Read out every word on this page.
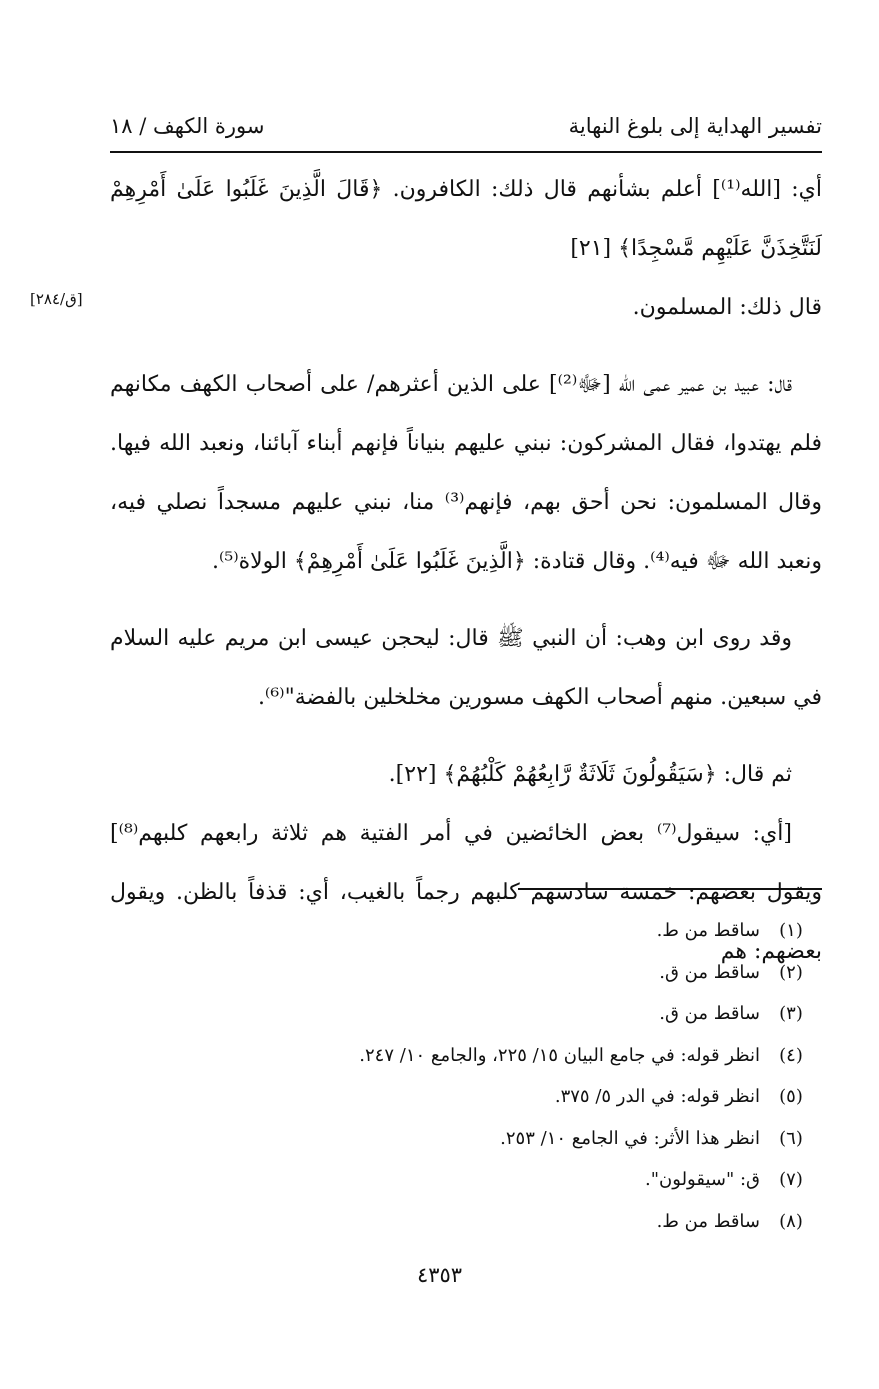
تفسير الهداية إلى بلوغ النهاية
سورة الكهف / ١٨
[ق/٢٨٤]

أي: [الله⁽¹⁾] أعلم بشأنهم قال ذلك: الكافرون. ﴿قَالَ الَّذِينَ غَلَبُوا عَلَىٰ أَمْرِهِمْ لَنَتَّخِذَنَّ عَلَيْهِم مَّسْجِدًا﴾ [٢١]

قال ذلك: المسلمون.

قال: عبيد بن عمير عمى الله [ﷻ⁽²⁾] على الذين أعثرهم/ على أصحاب الكهف مكانهم فلم يهتدوا، فقال المشركون: نبني عليهم بنياناً فإنهم أبناء آبائنا، ونعبد الله فيها. وقال المسلمون: نحن أحق بهم، فإنهم⁽³⁾ منا، نبني عليهم مسجداً نصلي فيه، ونعبد الله ﷻ فيه⁽⁴⁾. وقال قتادة: ﴿الَّذِينَ غَلَبُوا عَلَىٰ أَمْرِهِمْ﴾ الولاة⁽⁵⁾.

وقد روى ابن وهب: أن النبي ﷺ قال: ليحجن عيسى ابن مريم عليه السلام في سبعين. منهم أصحاب الكهف مسورين مخلخلين بالفضة"⁽⁶⁾.

ثم قال: ﴿سَيَقُولُونَ ثَلَاثَةٌ رَّابِعُهُمْ كَلْبُهُمْ﴾ [٢٢].

[أي: سيقول⁽⁷⁾ بعض الخائضين في أمر الفتية هم ثلاثة رابعهم كلبهم⁽⁸⁾] ويقول بعضهم: خمسة سادسهم كلبهم رجماً بالغيب، أي: قذفاً بالظن. ويقول بعضهم: هم

(١)
ساقط من ط.
(٢)
ساقط من ق.
(٣)
ساقط من ق.
(٤)
انظر قوله: في جامع البيان ١٥/ ٢٢٥، والجامع ١٠/ ٢٤٧.
(٥)
انظر قوله: في الدر ٥/ ٣٧٥.
(٦)
انظر هذا الأثر: في الجامع ١٠/ ٢٥٣.
(٧)
ق: "سيقولون".
(٨)
ساقط من ط.
٤٣٥٣
